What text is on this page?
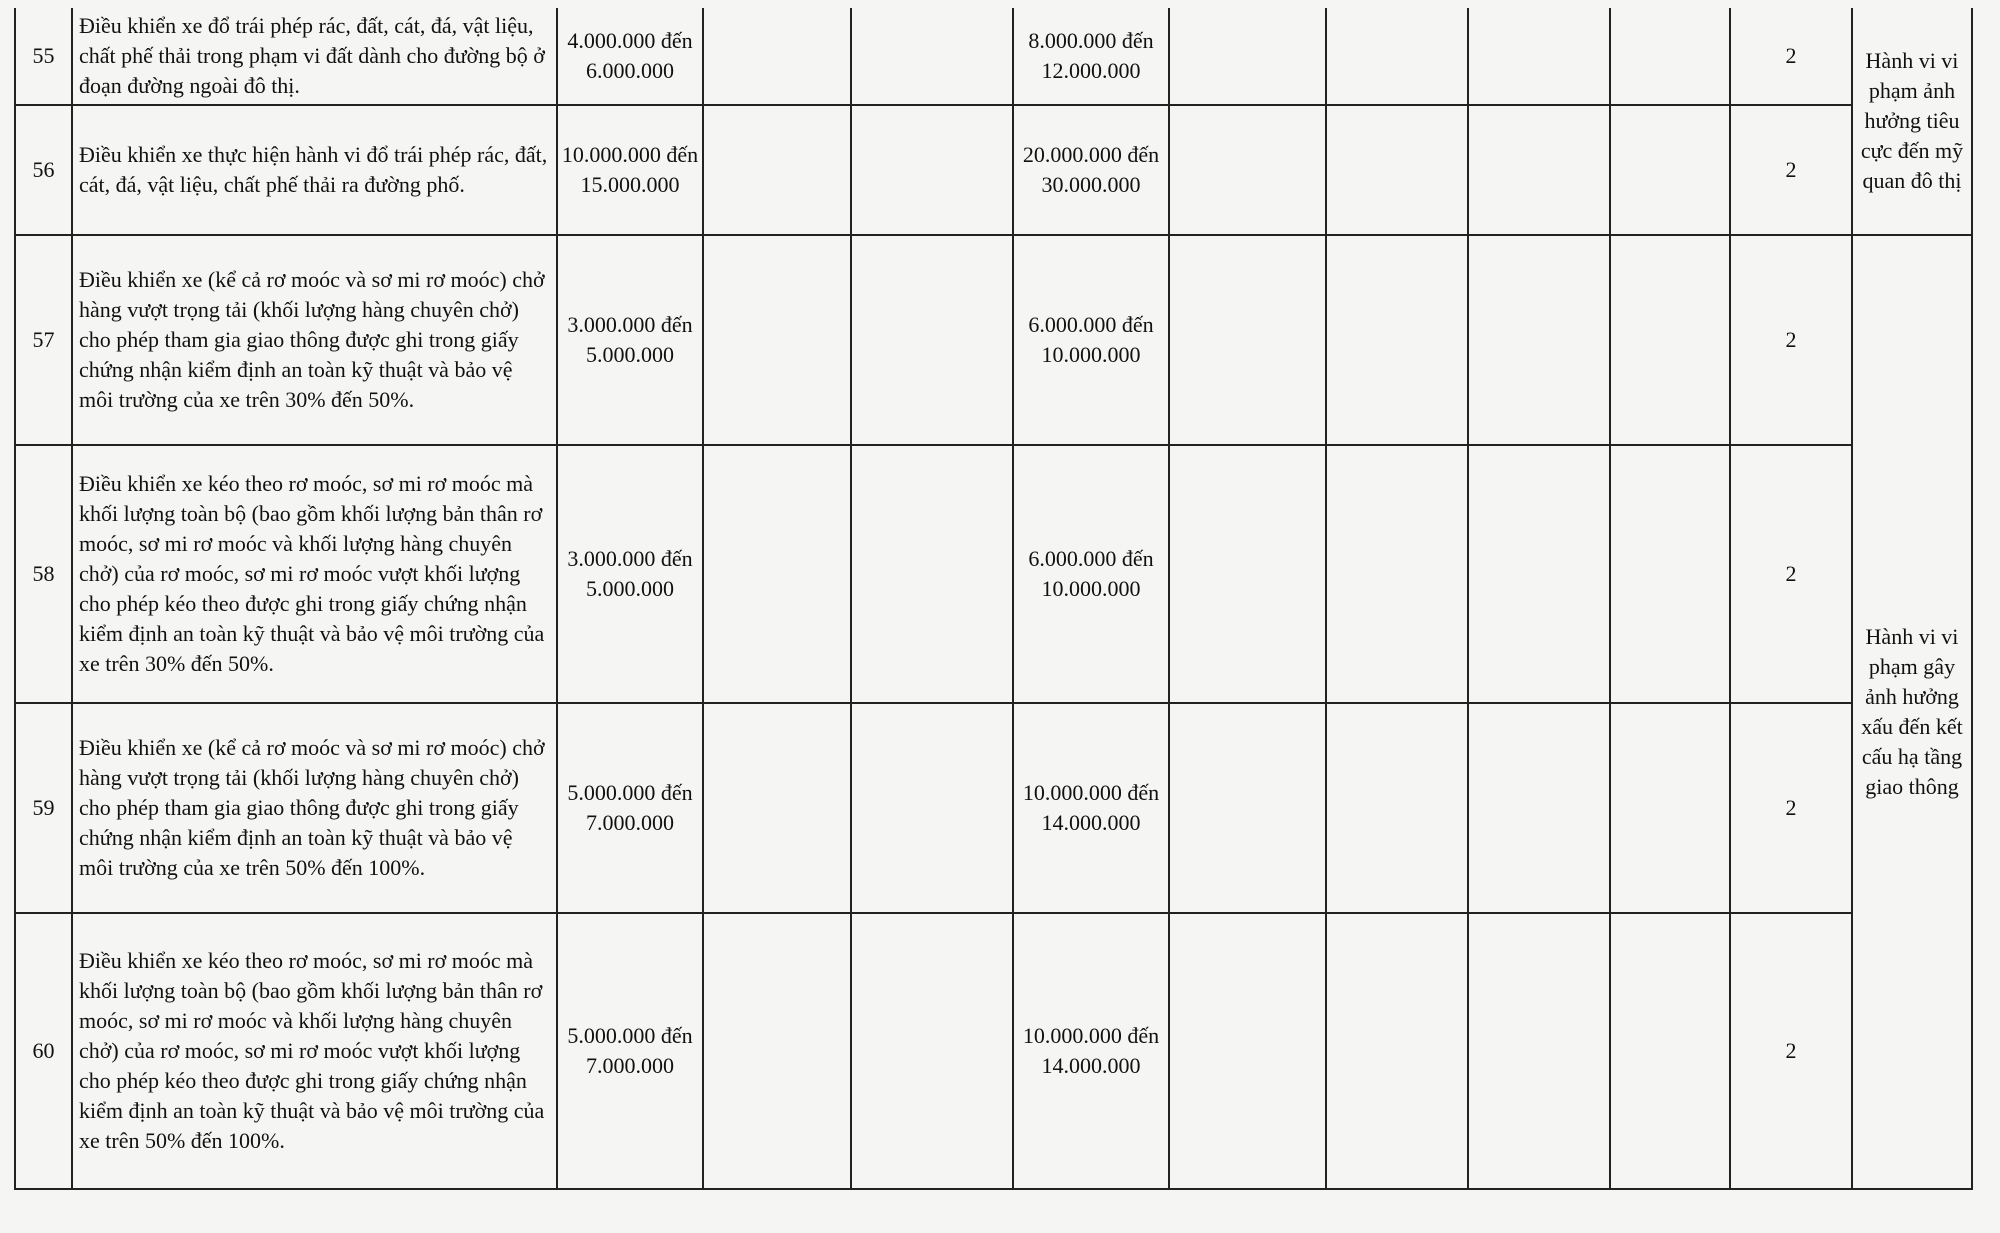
55	Điều khiển xe đổ trái phép rác, đất, cát, đá, vật liệu, chất phế thải trong phạm vi đất dành cho đường bộ ở đoạn đường ngoài đô thị.	4.000.000 đến 6.000.000			8.000.000 đến 12.000.000					2	Hành vi vi phạm ảnh hưởng tiêu cực đến mỹ quan đô thị
56	Điều khiển xe thực hiện hành vi đổ trái phép rác, đất, cát, đá, vật liệu, chất phế thải ra đường phố.	10.000.000 đến 15.000.000			20.000.000 đến 30.000.000					2	
57	Điều khiển xe (kể cả rơ moóc và sơ mi rơ moóc) chở hàng vượt trọng tải (khối lượng hàng chuyên chở) cho phép tham gia giao thông được ghi trong giấy chứng nhận kiểm định an toàn kỹ thuật và bảo vệ môi trường của xe trên 30% đến 50%.	3.000.000 đến 5.000.000			6.000.000 đến 10.000.000					2	Hành vi vi phạm gây ảnh hưởng xấu đến kết cấu hạ tầng giao thông
58	Điều khiển xe kéo theo rơ moóc, sơ mi rơ moóc mà khối lượng toàn bộ (bao gồm khối lượng bản thân rơ moóc, sơ mi rơ moóc và khối lượng hàng chuyên chở) của rơ moóc, sơ mi rơ moóc vượt khối lượng cho phép kéo theo được ghi trong giấy chứng nhận kiểm định an toàn kỹ thuật và bảo vệ môi trường của xe trên 30% đến 50%.	3.000.000 đến 5.000.000			6.000.000 đến 10.000.000					2	
59	Điều khiển xe (kể cả rơ moóc và sơ mi rơ moóc) chở hàng vượt trọng tải (khối lượng hàng chuyên chở) cho phép tham gia giao thông được ghi trong giấy chứng nhận kiểm định an toàn kỹ thuật và bảo vệ môi trường của xe trên 50% đến 100%.	5.000.000 đến 7.000.000			10.000.000 đến 14.000.000					2	
60	Điều khiển xe kéo theo rơ moóc, sơ mi rơ moóc mà khối lượng toàn bộ (bao gồm khối lượng bản thân rơ moóc, sơ mi rơ moóc và khối lượng hàng chuyên chở) của rơ moóc, sơ mi rơ moóc vượt khối lượng cho phép kéo theo được ghi trong giấy chứng nhận kiểm định an toàn kỹ thuật và bảo vệ môi trường của xe trên 50% đến 100%.	5.000.000 đến 7.000.000			10.000.000 đến 14.000.000					2	
